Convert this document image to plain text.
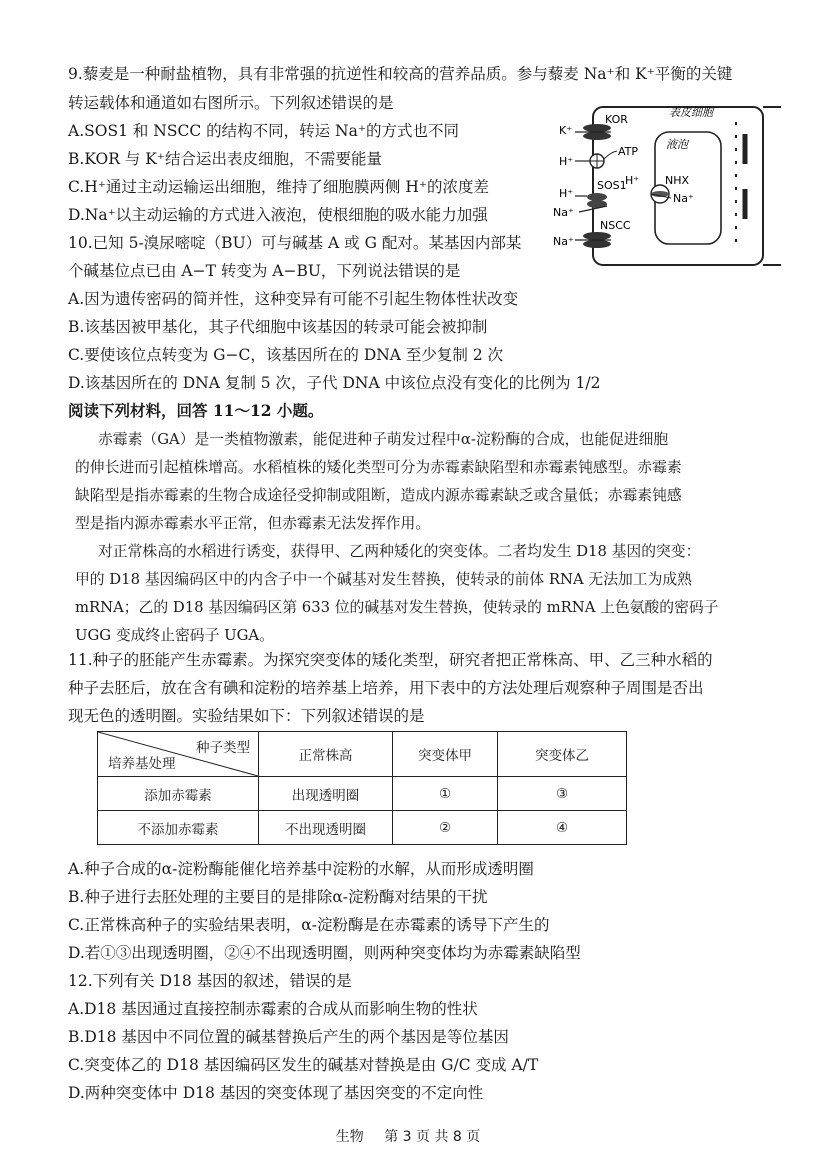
9.藜麦是一种耐盐植物，具有非常强的抗逆性和较高的营养品质。参与藜麦 Na⁺和 K⁺平衡的关键
转运载体和通道如右图所示。下列叙述错误的是
A.SOS1 和 NSCC 的结构不同，转运 Na⁺的方式也不同
B.KOR 与 K⁺结合运出表皮细胞，不需要能量
C.H⁺通过主动运输运出细胞，维持了细胞膜两侧 H⁺的浓度差
D.Na⁺以主动运输的方式进入液泡，使根细胞的吸水能力加强
表皮细胞
液泡
KOR
K⁺
H⁺
ATP
SOS1
H⁺
Na⁺
NSCC
Na⁺
NHX
H⁺
Na⁺
10.已知 5-溴尿嘧啶（BU）可与碱基 A 或 G 配对。某基因内部某
个碱基位点已由 A−T 转变为 A−BU，下列说法错误的是
A.因为遗传密码的简并性，这种变异有可能不引起生物体性状改变
B.该基因被甲基化，其子代细胞中该基因的转录可能会被抑制
C.要使该位点转变为 G−C，该基因所在的 DNA 至少复制 2 次
D.该基因所在的 DNA 复制 5 次，子代 DNA 中该位点没有变化的比例为 1/2
阅读下列材料，回答 11～12 小题。
赤霉素（GA）是一类植物激素，能促进种子萌发过程中α-淀粉酶的合成，也能促进细胞
的伸长进而引起植株增高。水稻植株的矮化类型可分为赤霉素缺陷型和赤霉素钝感型。赤霉素
缺陷型是指赤霉素的生物合成途径受抑制或阻断，造成内源赤霉素缺乏或含量低；赤霉素钝感
型是指内源赤霉素水平正常，但赤霉素无法发挥作用。
对正常株高的水稻进行诱变，获得甲、乙两种矮化的突变体。二者均发生 D18 基因的突变：
甲的 D18 基因编码区中的内含子中一个碱基对发生替换，使转录的前体 RNA 无法加工为成熟
mRNA；乙的 D18 基因编码区第 633 位的碱基对发生替换，使转录的 mRNA 上色氨酸的密码子
UGG 变成终止密码子 UGA。
11.种子的胚能产生赤霉素。为探究突变体的矮化类型，研究者把正常株高、甲、乙三种水稻的
种子去胚后，放在含有碘和淀粉的培养基上培养，用下表中的方法处理后观察种子周围是否出
现无色的透明圈。实验结果如下：下列叙述错误的是
种子类型
培养基处理	正常株高	突变体甲	突变体乙
添加赤霉素	出现透明圈	①	③
不添加赤霉素	不出现透明圈	②	④
A.种子合成的α-淀粉酶能催化培养基中淀粉的水解，从而形成透明圈
B.种子进行去胚处理的主要目的是排除α-淀粉酶对结果的干扰
C.正常株高种子的实验结果表明，α-淀粉酶是在赤霉素的诱导下产生的
D.若①③出现透明圈，②④不出现透明圈，则两种突变体均为赤霉素缺陷型
12.下列有关 D18 基因的叙述，错误的是
A.D18 基因通过直接控制赤霉素的合成从而影响生物的性状
B.D18 基因中不同位置的碱基替换后产生的两个基因是等位基因
C.突变体乙的 D18 基因编码区发生的碱基对替换是由 G/C 变成 A/T
D.两种突变体中 D18 基因的突变体现了基因突变的不定向性
生物 第 3 页 共 8 页
